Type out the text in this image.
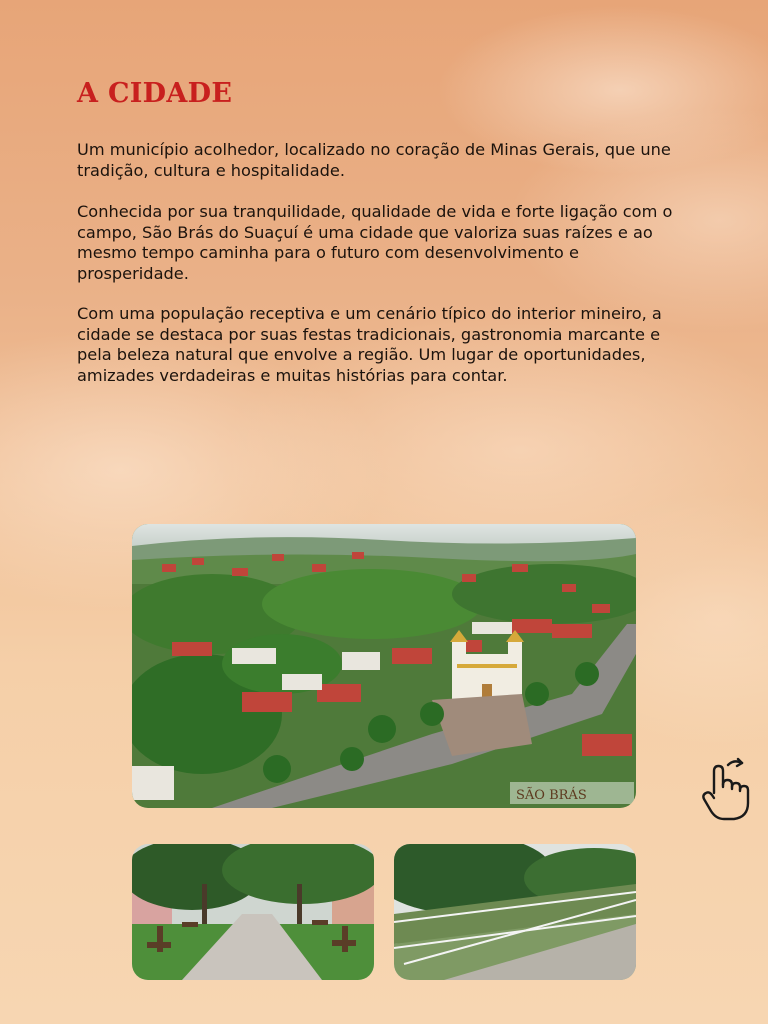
A CIDADE

Um município acolhedor, localizado no coração de Minas Gerais, que une tradição, cultura e hospitalidade.

Conhecida por sua tranquilidade, qualidade de vida e forte ligação com o campo, São Brás do Suaçuí é uma cidade que valoriza suas raízes e ao mesmo tempo caminha para o futuro com desenvolvimento e prosperidade.

Com uma população receptiva e um cenário típico do interior mineiro, a cidade se destaca por suas festas tradicionais, gastronomia marcante e pela beleza natural que envolve a região. Um lugar de oportunidades, amizades verdadeiras e muitas histórias para contar.

SÃO BRÁS
